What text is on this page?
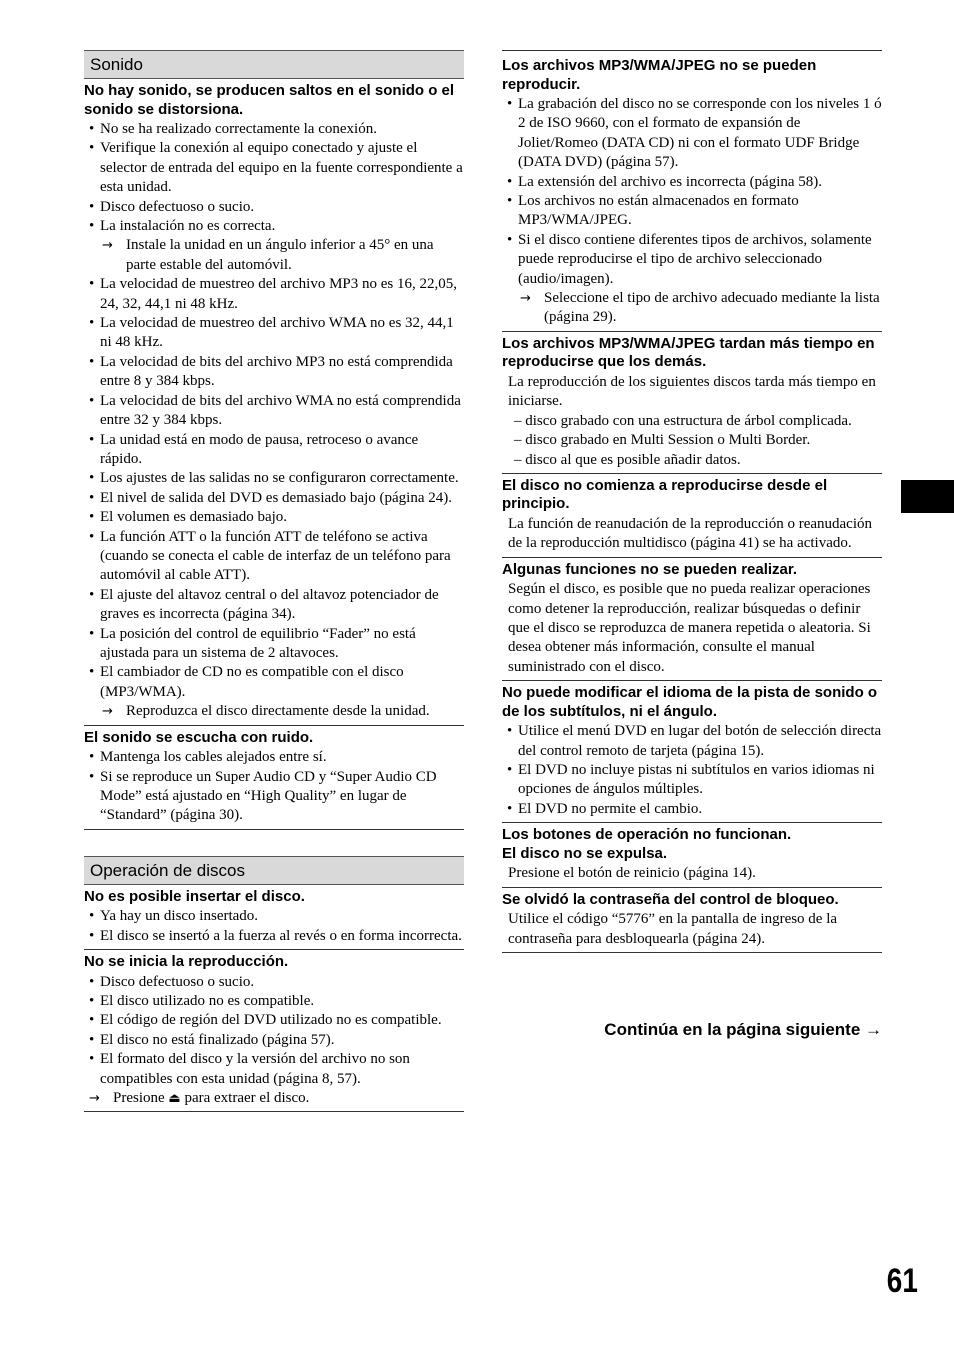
Sonido
No hay sonido, se producen saltos en el sonido o el sonido se distorsiona.
• No se ha realizado correctamente la conexión.
• Verifique la conexión al equipo conectado y ajuste el selector de entrada del equipo en la fuente correspondiente a esta unidad.
• Disco defectuoso o sucio.
• La instalación no es correcta.
→ Instale la unidad en un ángulo inferior a 45° en una parte estable del automóvil.
• La velocidad de muestreo del archivo MP3 no es 16, 22,05, 24, 32, 44,1 ni 48 kHz.
• La velocidad de muestreo del archivo WMA no es 32, 44,1 ni 48 kHz.
• La velocidad de bits del archivo MP3 no está comprendida entre 8 y 384 kbps.
• La velocidad de bits del archivo WMA no está comprendida entre 32 y 384 kbps.
• La unidad está en modo de pausa, retroceso o avance rápido.
• Los ajustes de las salidas no se configuraron correctamente.
• El nivel de salida del DVD es demasiado bajo (página 24).
• El volumen es demasiado bajo.
• La función ATT o la función ATT de teléfono se activa (cuando se conecta el cable de interfaz de un teléfono para automóvil al cable ATT).
• El ajuste del altavoz central o del altavoz potenciador de graves es incorrecta (página 34).
• La posición del control de equilibrio “Fader” no está ajustada para un sistema de 2 altavoces.
• El cambiador de CD no es compatible con el disco (MP3/WMA).
→ Reproduzca el disco directamente desde la unidad.
El sonido se escucha con ruido.
• Mantenga los cables alejados entre sí.
• Si se reproduce un Super Audio CD y “Super Audio CD Mode” está ajustado en “High Quality” en lugar de “Standard” (página 30).
Operación de discos
No es posible insertar el disco.
• Ya hay un disco insertado.
• El disco se insertó a la fuerza al revés o en forma incorrecta.
No se inicia la reproducción.
• Disco defectuoso o sucio.
• El disco utilizado no es compatible.
• El código de región del DVD utilizado no es compatible.
• El disco no está finalizado (página 57).
• El formato del disco y la versión del archivo no son compatibles con esta unidad (página 8, 57).
→ Presione ⏏ para extraer el disco.
Los archivos MP3/WMA/JPEG no se pueden reproducir.
• La grabación del disco no se corresponde con los niveles 1 ó 2 de ISO 9660, con el formato de expansión de Joliet/Romeo (DATA CD) ni con el formato UDF Bridge (DATA DVD) (página 57).
• La extensión del archivo es incorrecta (página 58).
• Los archivos no están almacenados en formato MP3/WMA/JPEG.
• Si el disco contiene diferentes tipos de archivos, solamente puede reproducirse el tipo de archivo seleccionado (audio/imagen).
→ Seleccione el tipo de archivo adecuado mediante la lista (página 29).
Los archivos MP3/WMA/JPEG tardan más tiempo en reproducirse que los demás.
La reproducción de los siguientes discos tarda más tiempo en iniciarse.
– disco grabado con una estructura de árbol complicada.
– disco grabado en Multi Session o Multi Border.
– disco al que es posible añadir datos.
El disco no comienza a reproducirse desde el principio.
La función de reanudación de la reproducción o reanudación de la reproducción multidisco (página 41) se ha activado.
Algunas funciones no se pueden realizar.
Según el disco, es posible que no pueda realizar operaciones como detener la reproducción, realizar búsquedas o definir que el disco se reproduzca de manera repetida o aleatoria. Si desea obtener más información, consulte el manual suministrado con el disco.
No puede modificar el idioma de la pista de sonido o de los subtítulos, ni el ángulo.
• Utilice el menú DVD en lugar del botón de selección directa del control remoto de tarjeta (página 15).
• El DVD no incluye pistas ni subtítulos en varios idiomas ni opciones de ángulos múltiples.
• El DVD no permite el cambio.
Los botones de operación no funcionan.
El disco no se expulsa.
Presione el botón de reinicio (página 14).
Se olvidó la contraseña del control de bloqueo.
Utilice el código “5776” en la pantalla de ingreso de la contraseña para desbloquearla (página 24).
Continúa en la página siguiente →
61
